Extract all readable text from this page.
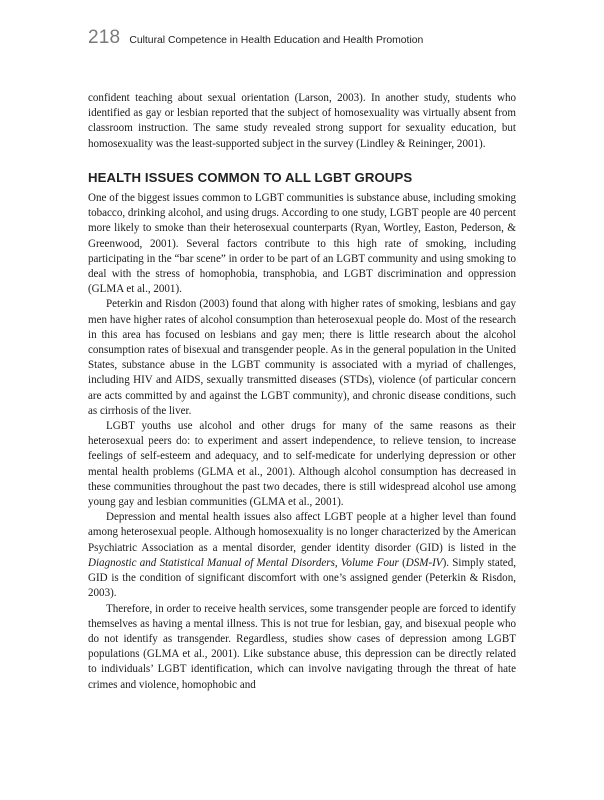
218 Cultural Competence in Health Education and Health Promotion

confident teaching about sexual orientation (Larson, 2003). In another study, students who identified as gay or lesbian reported that the subject of homosexuality was virtually absent from classroom instruction. The same study revealed strong support for sexuality education, but homosexuality was the least-supported subject in the survey (Lindley & Reininger, 2001).

HEALTH ISSUES COMMON TO ALL LGBT GROUPS

One of the biggest issues common to LGBT communities is substance abuse, including smoking tobacco, drinking alcohol, and using drugs. According to one study, LGBT people are 40 percent more likely to smoke than their heterosexual counterparts (Ryan, Wortley, Easton, Pederson, & Greenwood, 2001). Several factors contribute to this high rate of smoking, including participating in the “bar scene” in order to be part of an LGBT community and using smoking to deal with the stress of homophobia, transphobia, and LGBT discrimination and oppression (GLMA et al., 2001).

Peterkin and Risdon (2003) found that along with higher rates of smoking, lesbians and gay men have higher rates of alcohol consumption than heterosexual people do. Most of the research in this area has focused on lesbians and gay men; there is little research about the alcohol consumption rates of bisexual and transgender people. As in the general population in the United States, substance abuse in the LGBT community is associated with a myriad of challenges, including HIV and AIDS, sexually transmitted diseases (STDs), violence (of particular concern are acts committed by and against the LGBT community), and chronic disease conditions, such as cirrhosis of the liver.

LGBT youths use alcohol and other drugs for many of the same reasons as their heterosexual peers do: to experiment and assert independence, to relieve tension, to increase feelings of self-esteem and adequacy, and to self-medicate for underlying depression or other mental health problems (GLMA et al., 2001). Although alcohol consumption has decreased in these communities throughout the past two decades, there is still widespread alcohol use among young gay and lesbian communities (GLMA et al., 2001).

Depression and mental health issues also affect LGBT people at a higher level than found among heterosexual people. Although homosexuality is no longer characterized by the American Psychiatric Association as a mental disorder, gender identity disorder (GID) is listed in the Diagnostic and Statistical Manual of Mental Disorders, Volume Four (DSM-IV). Simply stated, GID is the condition of significant discomfort with one’s assigned gender (Peterkin & Risdon, 2003).

Therefore, in order to receive health services, some transgender people are forced to identify themselves as having a mental illness. This is not true for lesbian, gay, and bisexual people who do not identify as transgender. Regardless, studies show cases of depression among LGBT populations (GLMA et al., 2001). Like substance abuse, this depression can be directly related to individuals’ LGBT identification, which can involve navigating through the threat of hate crimes and violence, homophobic and
